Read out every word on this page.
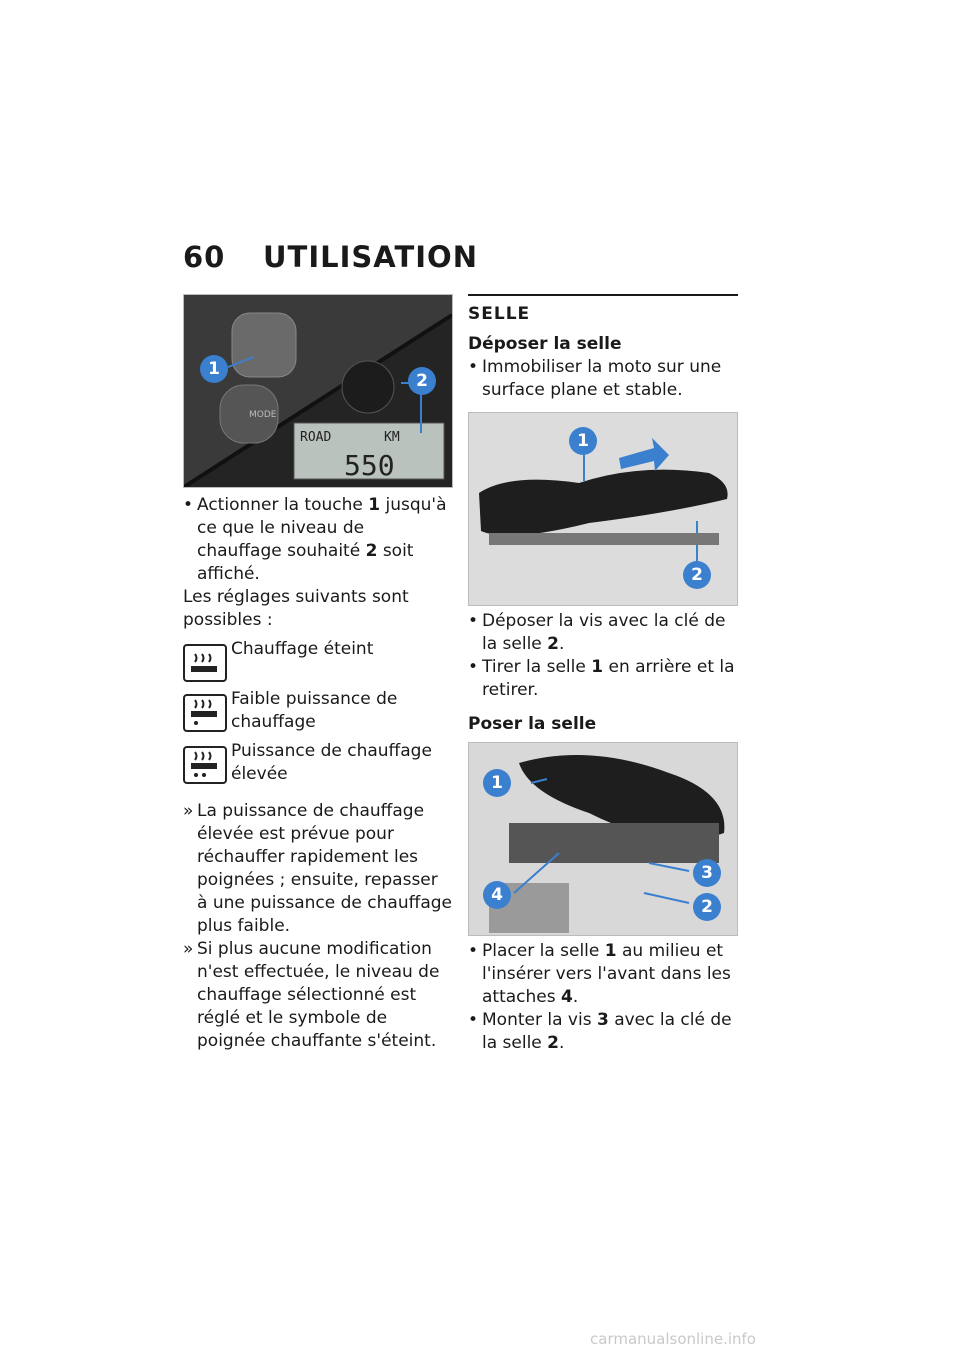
60 UTILISATION
MODE
ROAD	KM
550
1
2

• Actionner la touche 1 jusqu'à ce que le niveau de chauffage souhaité 2 soit affiché.

Les réglages suivants sont possibles :

Chauffage éteint
Faible puissance de chauffage
Puissance de chauffage élevée

» La puissance de chauffage élevée est prévue pour réchauffer rapidement les poignées ; ensuite, repasser à une puissance de chauffage plus faible.

» Si plus aucune modification n'est effectuée, le niveau de chauffage sélectionné est réglé et le symbole de poignée chauffante s'éteint.

SELLE

Déposer la selle

• Immobiliser la moto sur une surface plane et stable.

1
2

• Déposer la vis avec la clé de la selle 2.

• Tirer la selle 1 en arrière et la retirer.

Poser la selle

1
4
3
2

• Placer la selle 1 au milieu et l'insérer vers l'avant dans les attaches 4.

• Monter la vis 3 avec la clé de la selle 2.

carmanualsonline.info
